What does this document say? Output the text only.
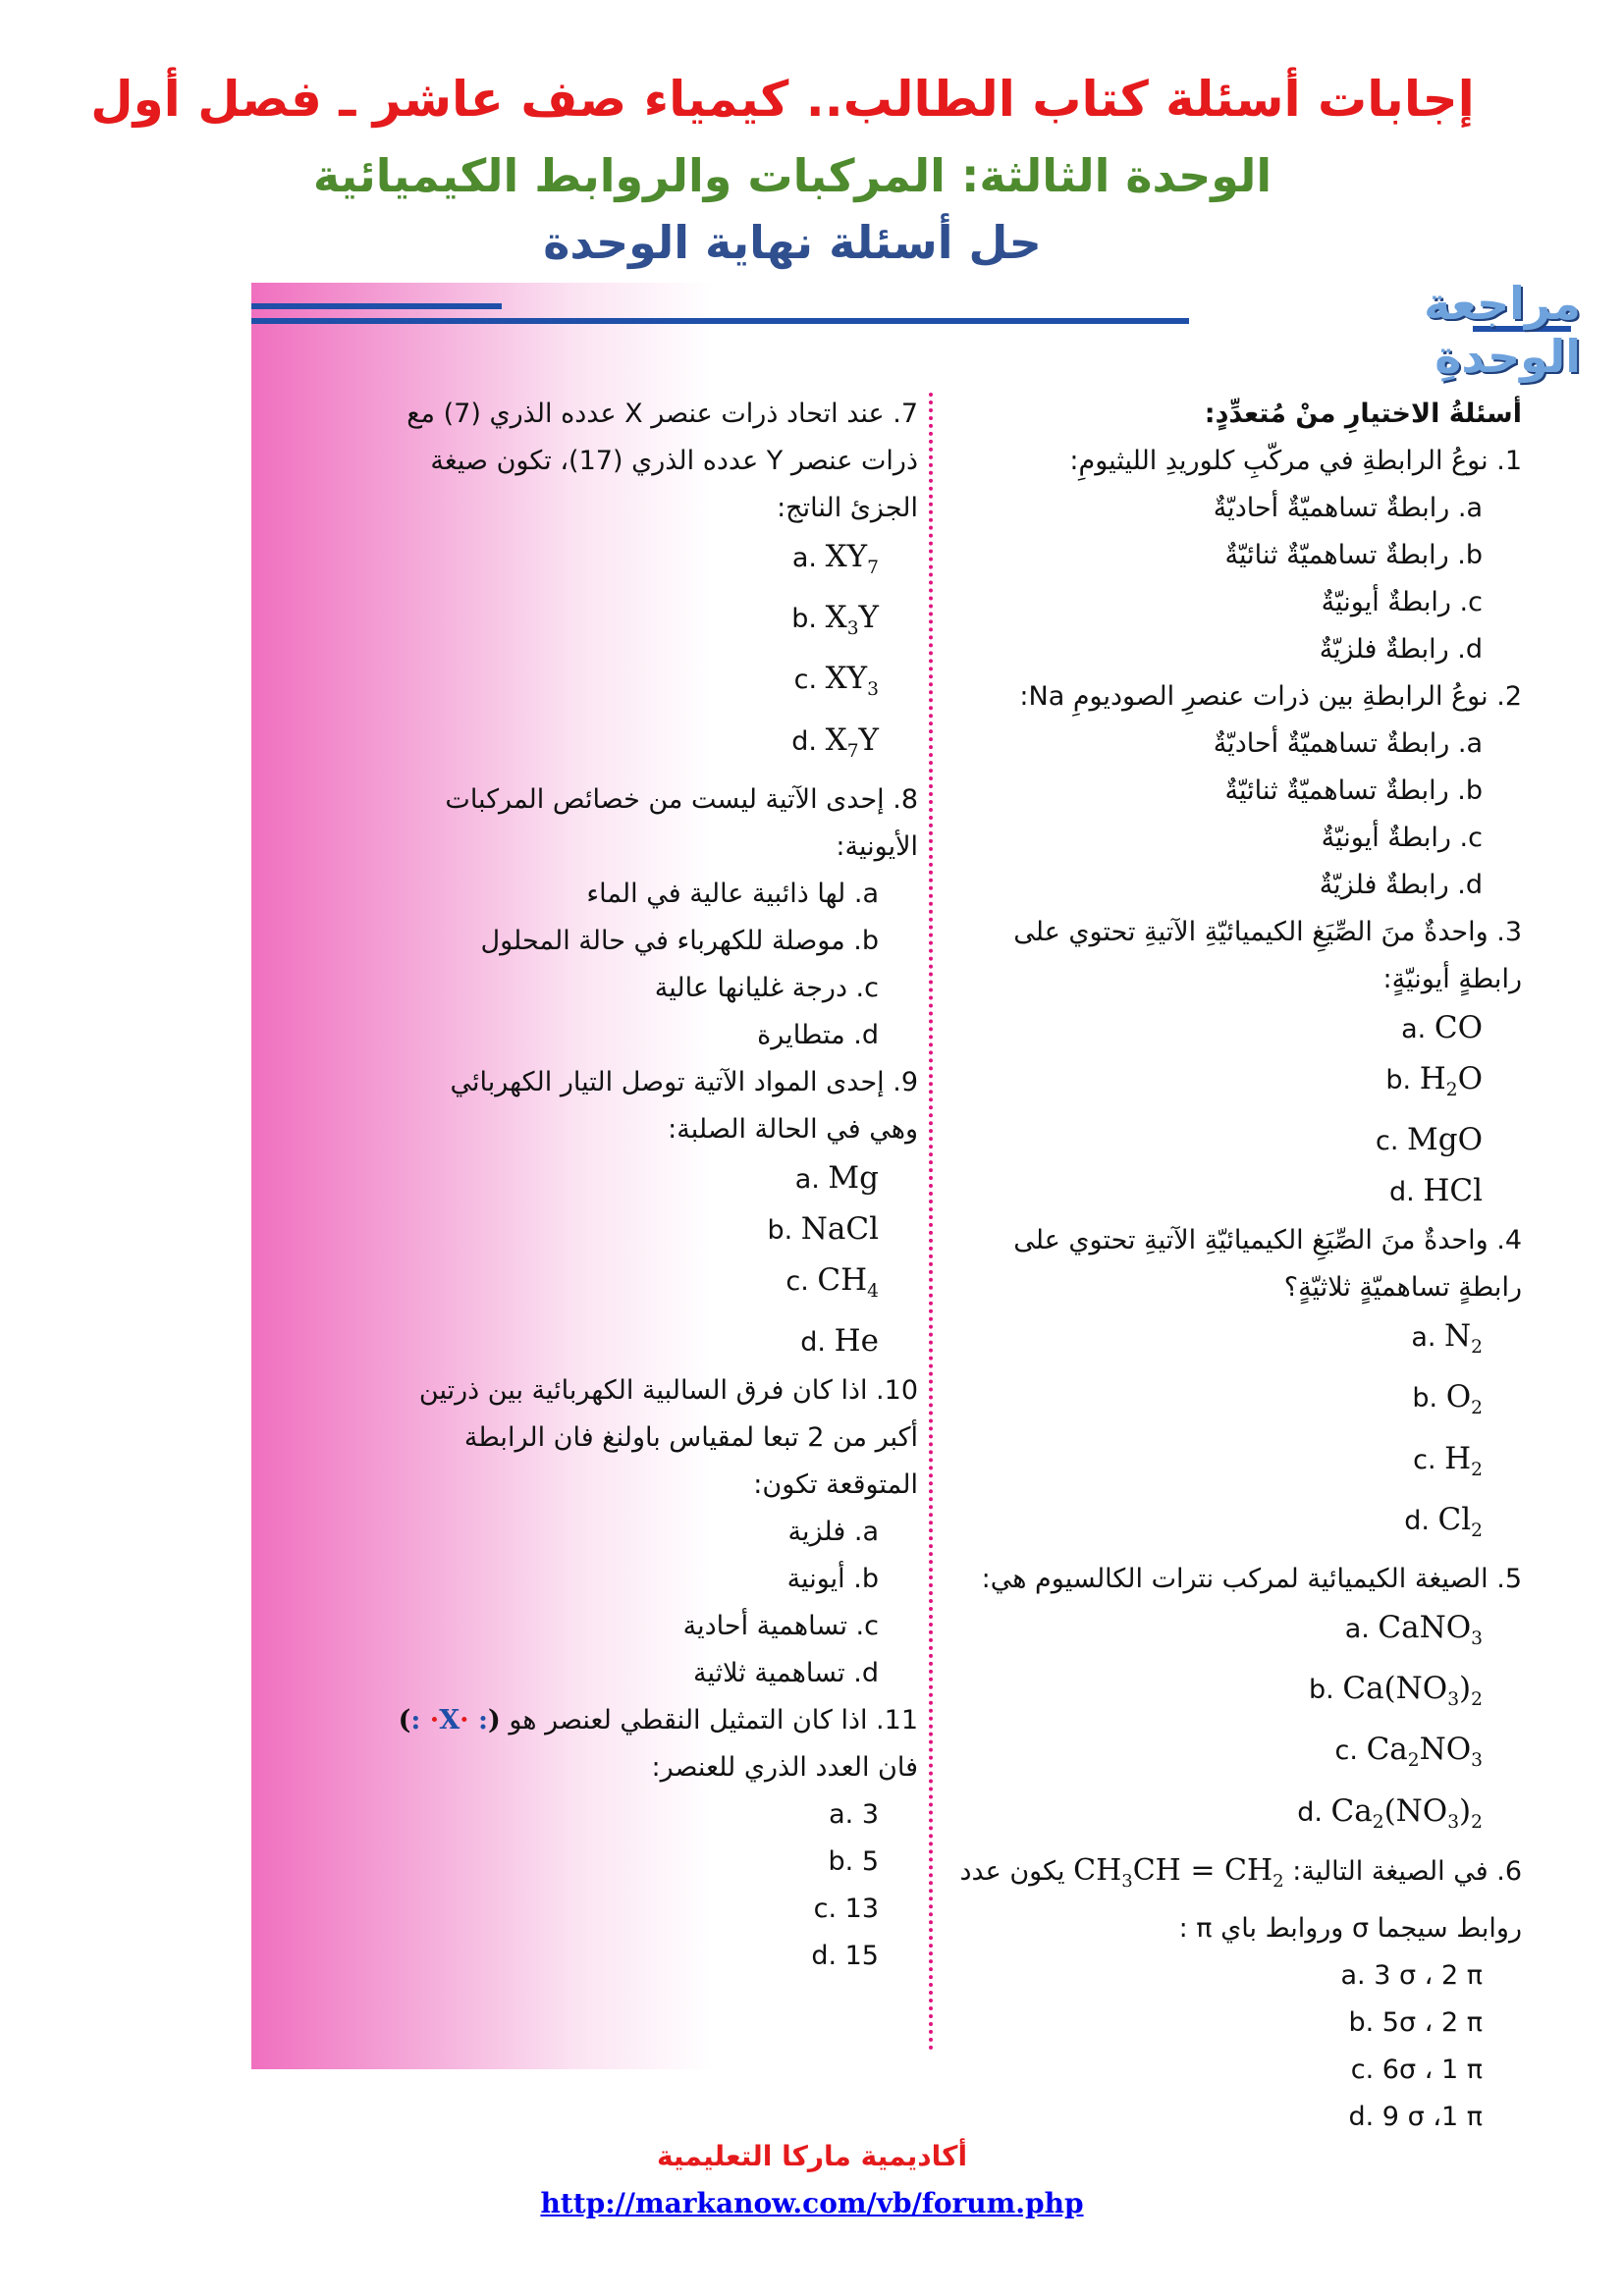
إجابات أسئلة كتاب الطالب.. كيمياء صف عاشر ـ فصل أول
الوحدة الثالثة: المركبات والروابط الكيميائية
حل أسئلة نهاية الوحدة
مراجعة الوحدةِ
أسئلةُ الاختيارِ منْ مُتعدِّدٍ:
1. نوعُ الرابطةِ في مركّبِ كلوريدِ الليثيومِ:
a. رابطةٌ تساهميّةٌ أحاديّةٌ
b. رابطةٌ تساهميّةٌ ثنائيّةٌ
c. رابطةٌ أيونيّةٌ
d. رابطةٌ فلزيّةٌ
2. نوعُ الرابطةِ بين ذرات عنصرِ الصوديومِ Na:
a. رابطةٌ تساهميّةٌ أحاديّةٌ
b. رابطةٌ تساهميّةٌ ثنائيّةٌ
c. رابطةٌ أيونيّةٌ
d. رابطةٌ فلزيّةٌ
3. واحدةٌ منَ الصِّيَغِ الكيميائيّةِ الآتيةِ تحتوي على
رابطةٍ أيونيّةٍ:
a. CO
b. $H_2O$
c. MgO
d. HCl
4. واحدةٌ منَ الصِّيَغِ الكيميائيّةِ الآتيةِ تحتوي على
رابطةٍ تساهميّةٍ ثلاثيّةٍ؟
a. $N_2$
b. $O_2$
c. $H_2$
d. $Cl_2$
5. الصيغة الكيميائية لمركب نترات الكالسيوم هي:
a. CaNO$_3$
b. $Ca(NO_3)_2$
c. $Ca_2NO_3$
d. $Ca_2(NO_3)_2$
6. في الصيغة التالية: $CH_3CH = CH_2$ يكون عدد
روابط سيجما σ وروابط باي π :
a. 3 σ ، 2 π
b. 5σ ، 2 π
c. 6σ ، 1 π
d. 9 σ ،1 π
7. عند اتحاد ذرات عنصر X عدده الذري (7) مع
ذرات عنصر Y عدده الذري (17)، تكون صيغة
الجزئ الناتج:
a. $XY_7$
b. $X_3Y$
c. $XY_3$
d. $X_7Y$
8. إحدى الآتية ليست من خصائص المركبات
الأيونية:
a. لها ذائبية عالية في الماء
b. موصلة للكهرباء في حالة المحلول
c. درجة غليانها عالية
d. متطايرة
9. إحدى المواد الآتية توصل التيار الكهربائي
وهي في الحالة الصلبة:
a. Mg
b. NaCl
c. $CH_4$
d. He
10. اذا كان فرق السالبية الكهربائية بين ذرتين
أكبر من 2 تبعا لمقياس باولنغ فان الرابطة
المتوقعة تكون:
a. فلزية
b. أيونية
c. تساهمية أحادية
d. تساهمية ثلاثية
11. اذا كان التمثيل النقطي لعنصر هو (: ·X· :)
فان العدد الذري للعنصر:
a. 3
b. 5
c. 13
d. 15
أكاديمية ماركا التعليمية
http://markanow.com/vb/forum.php
